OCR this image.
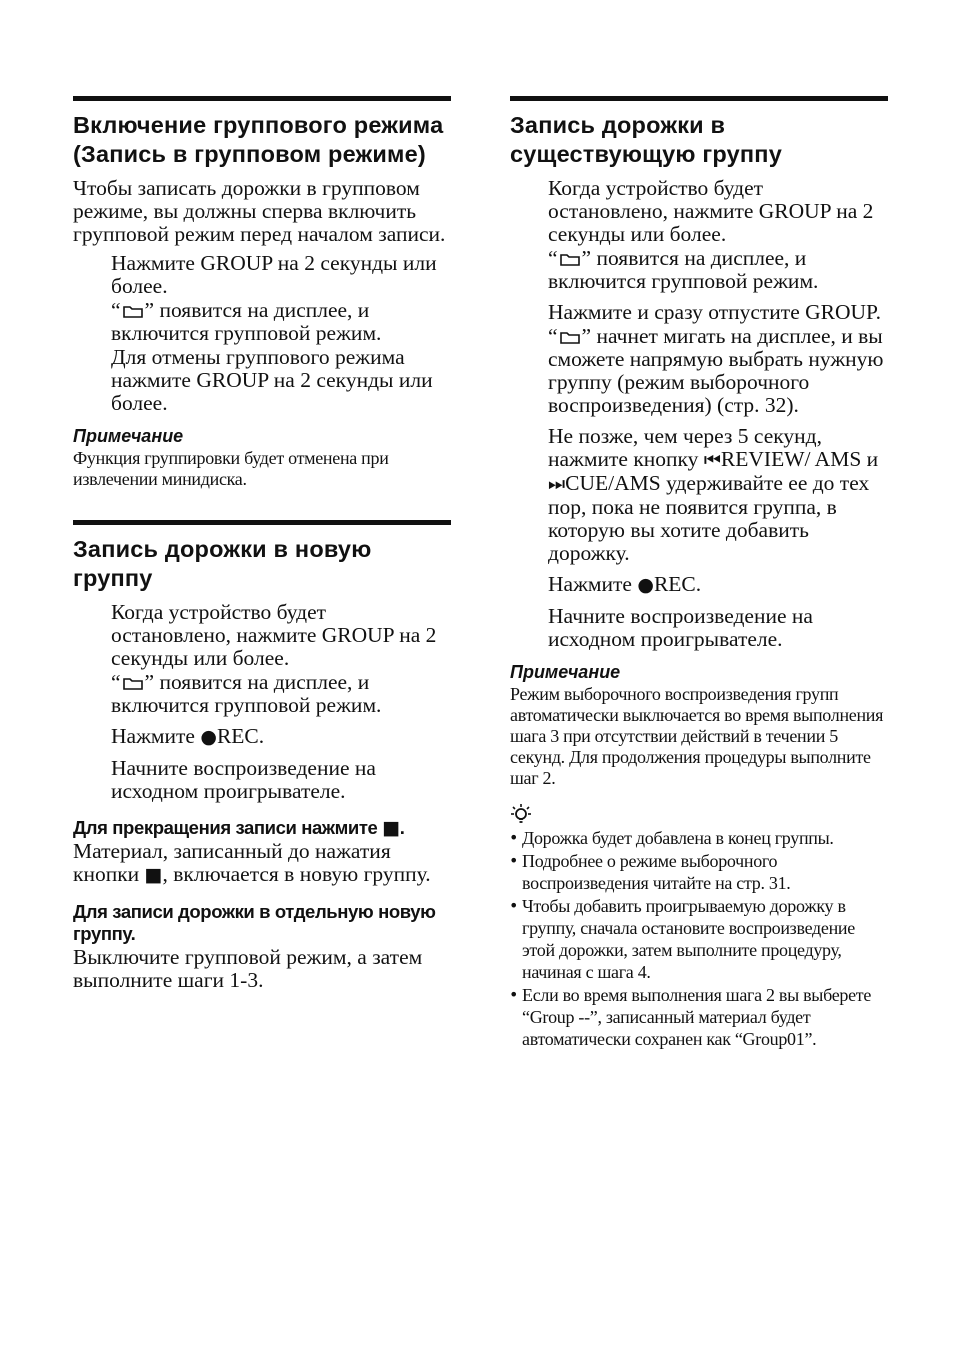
Включение группового режима (Запись в групповом режиме)

Чтобы записать дорожки в групповом режиме, вы должны сперва включить групповой режим перед началом записи.

Нажмите GROUP на 2 секунды или более.

“ ” появится на дисплее, и включится групповой режим.

Для отмены группового режима нажмите GROUP на 2 секунды или более.

Примечание

Функция группировки будет отменена при извлечении минидиска.

Запись дорожки в новую группу

Когда устройство будет остановлено, нажмите GROUP на 2 секунды или более.

“ ” появится на дисплее, и включится групповой режим.

Нажмите ●REC.

Начните воспроизведение на исходном проигрывателе.

Для прекращения записи нажмите ■.

Материал, записанный до нажатия кнопки ■, включается в новую группу.

Для записи дорожки в отдельную новую группу.

Выключите групповой режим, а затем выполните шаги 1-3.

Запись дорожки в существующую группу

Когда устройство будет остановлено, нажмите GROUP на 2 секунды или более.

“ ” появится на дисплее, и включится групповой режим.

Нажмите и сразу отпустите GROUP.

“ ” начнет мигать на дисплее, и вы сможете напрямую выбрать нужную группу (режим выборочного воспроизведения) (стр. 32).

Не позже, чем через 5 секунд, нажмите кнопку ⏮REVIEW/ AMS и ⏭CUE/AMS удерживайте ее до тех пор, пока не появится группа, в которую вы хотите добавить дорожку.

Нажмите ●REC.

Начните воспроизведение на исходном проигрывателе.

Примечание

Режим выборочного воспроизведения групп автоматически выключается во время выполнения шага 3 при отсутствии действий в течении 5 секунд. Для продолжения процедуры выполните шаг 2.

• Дорожка будет добавлена в конец группы.
• Подробнее о режиме выборочного воспроизведения читайте на стр. 31.
• Чтобы добавить проигрываемую дорожку в группу, сначала остановите воспроизведение этой дорожки, затем выполните процедуру, начиная с шага 4.
• Если во время выполнения шага 2 вы выберете “Group --”, записанный материал будет автоматически сохранен как “Group01”.
